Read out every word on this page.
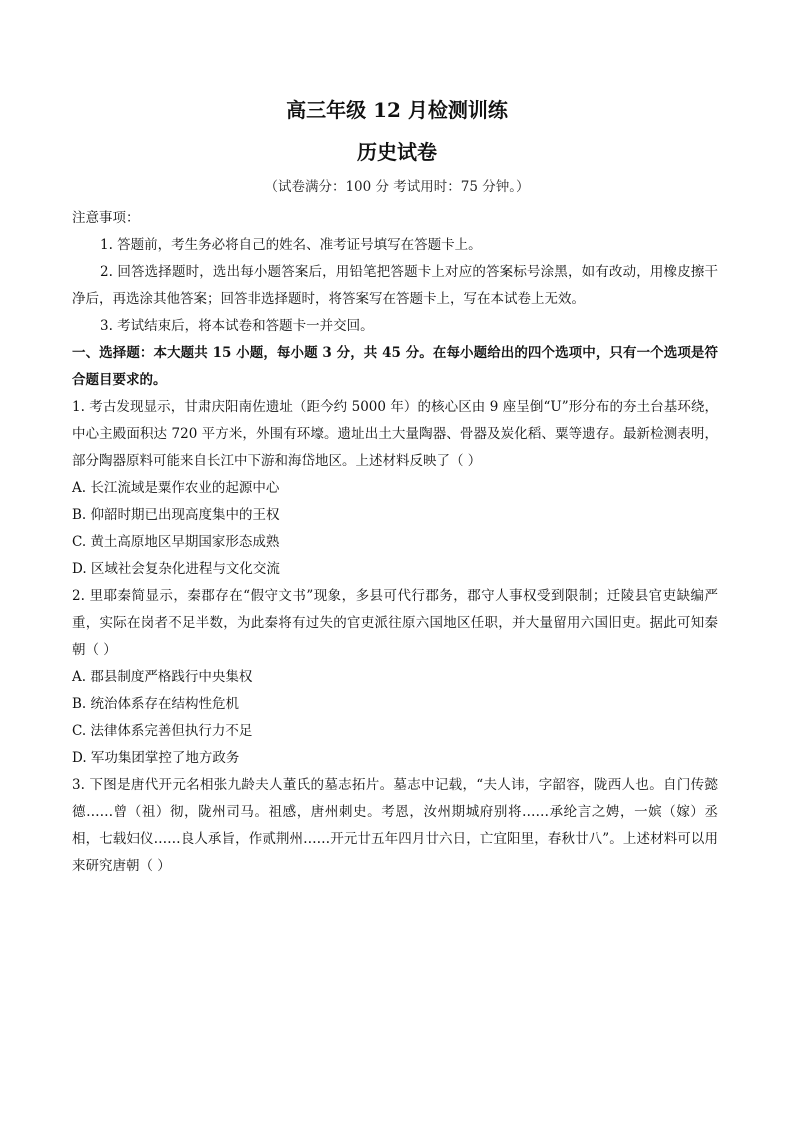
高三年级 12 月检测训练
历史试卷
（试卷满分：100 分 考试用时：75 分钟。）

注意事项：

1. 答题前，考生务必将自己的姓名、准考证号填写在答题卡上。

2. 回答选择题时，选出每小题答案后，用铅笔把答题卡上对应的答案标号涂黑，如有改动，用橡皮擦干净后，再选涂其他答案；回答非选择题时，将答案写在答题卡上，写在本试卷上无效。

3. 考试结束后，将本试卷和答题卡一并交回。

一、选择题：本大题共 15 小题，每小题 3 分，共 45 分。在每小题给出的四个选项中，只有一个选项是符合题目要求的。

1. 考古发现显示，甘肃庆阳南佐遗址（距今约 5000 年）的核心区由 9 座呈倒“U”形分布的夯土台基环绕，中心主殿面积达 720 平方米，外围有环壕。遗址出土大量陶器、骨器及炭化稻、粟等遗存。最新检测表明，部分陶器原料可能来自长江中下游和海岱地区。上述材料反映了（ ）

A. 长江流域是粟作农业的起源中心

B. 仰韶时期已出现高度集中的王权

C. 黄土高原地区早期国家形态成熟

D. 区域社会复杂化进程与文化交流

2. 里耶秦简显示，秦郡存在“假守文书”现象，多县可代行郡务，郡守人事权受到限制；迁陵县官吏缺编严重，实际在岗者不足半数，为此秦将有过失的官吏派往原六国地区任职，并大量留用六国旧吏。据此可知秦朝（ ）

A. 郡县制度严格践行中央集权

B. 统治体系存在结构性危机

C. 法律体系完善但执行力不足

D. 军功集团掌控了地方政务

3. 下图是唐代开元名相张九龄夫人董氏的墓志拓片。墓志中记载，“夫人讳，字韶容，陇西人也。自门传懿德……曾（祖）彻，陇州司马。祖感，唐州刺史。考恩，汝州期城府别将……承纶言之娉，一嫔（嫁）丞相，七载妇仪……良人承旨，作贰荆州……开元廿五年四月廿六日，亡宜阳里，春秋廿八”。上述材料可以用来研究唐朝（ ）
